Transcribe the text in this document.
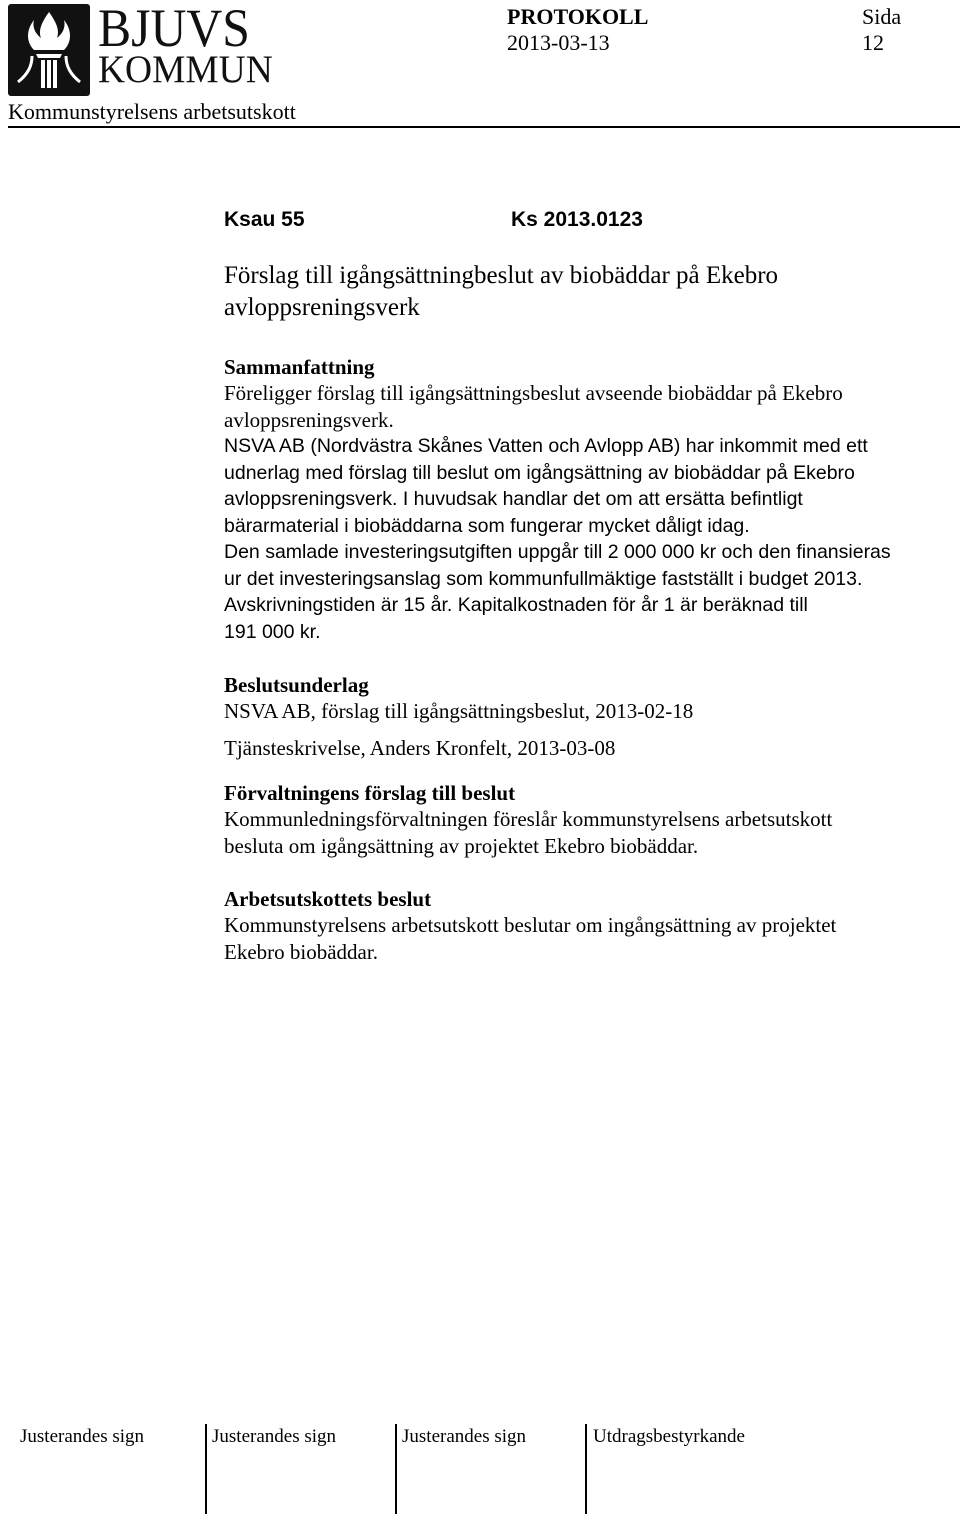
BJUVS
KOMMUN
PROTOKOLL
2013-03-13
Sida
12
Kommunstyrelsens arbetsutskott
Ksau 55	Ks 2013.0123
Förslag till igångsättningbeslut av biobäddar på Ekebro avloppsreningsverk
Sammanfattning

Föreligger förslag till igångsättningsbeslut avseende biobäddar på Ekebro

avloppsreningsverk.

NSVA AB (Nordvästra Skånes Vatten och Avlopp AB) har inkommit med ett

udnerlag med förslag till beslut om igångsättning av biobäddar på Ekebro

avloppsreningsverk. I huvudsak handlar det om att ersätta befintligt

bärarmaterial i biobäddarna som fungerar mycket dåligt idag.

Den samlade investeringsutgiften uppgår till 2 000 000 kr och den finansieras

ur det investeringsanslag som kommunfullmäktige fastställt i budget 2013.

Avskrivningstiden är 15 år. Kapitalkostnaden för år 1 är beräknad till

191 000 kr.

Beslutsunderlag

NSVA AB, förslag till igångsättningsbeslut, 2013-02-18

Tjänsteskrivelse, Anders Kronfelt, 2013-03-08

Förvaltningens förslag till beslut

Kommunledningsförvaltningen föreslår kommunstyrelsens arbetsutskott

besluta om igångsättning av projektet Ekebro biobäddar.

Arbetsutskottets beslut

Kommunstyrelsens arbetsutskott beslutar om ingångsättning av projektet

Ekebro biobäddar.

Justerandes sign	Justerandes sign	Justerandes sign	Utdragsbestyrkande
